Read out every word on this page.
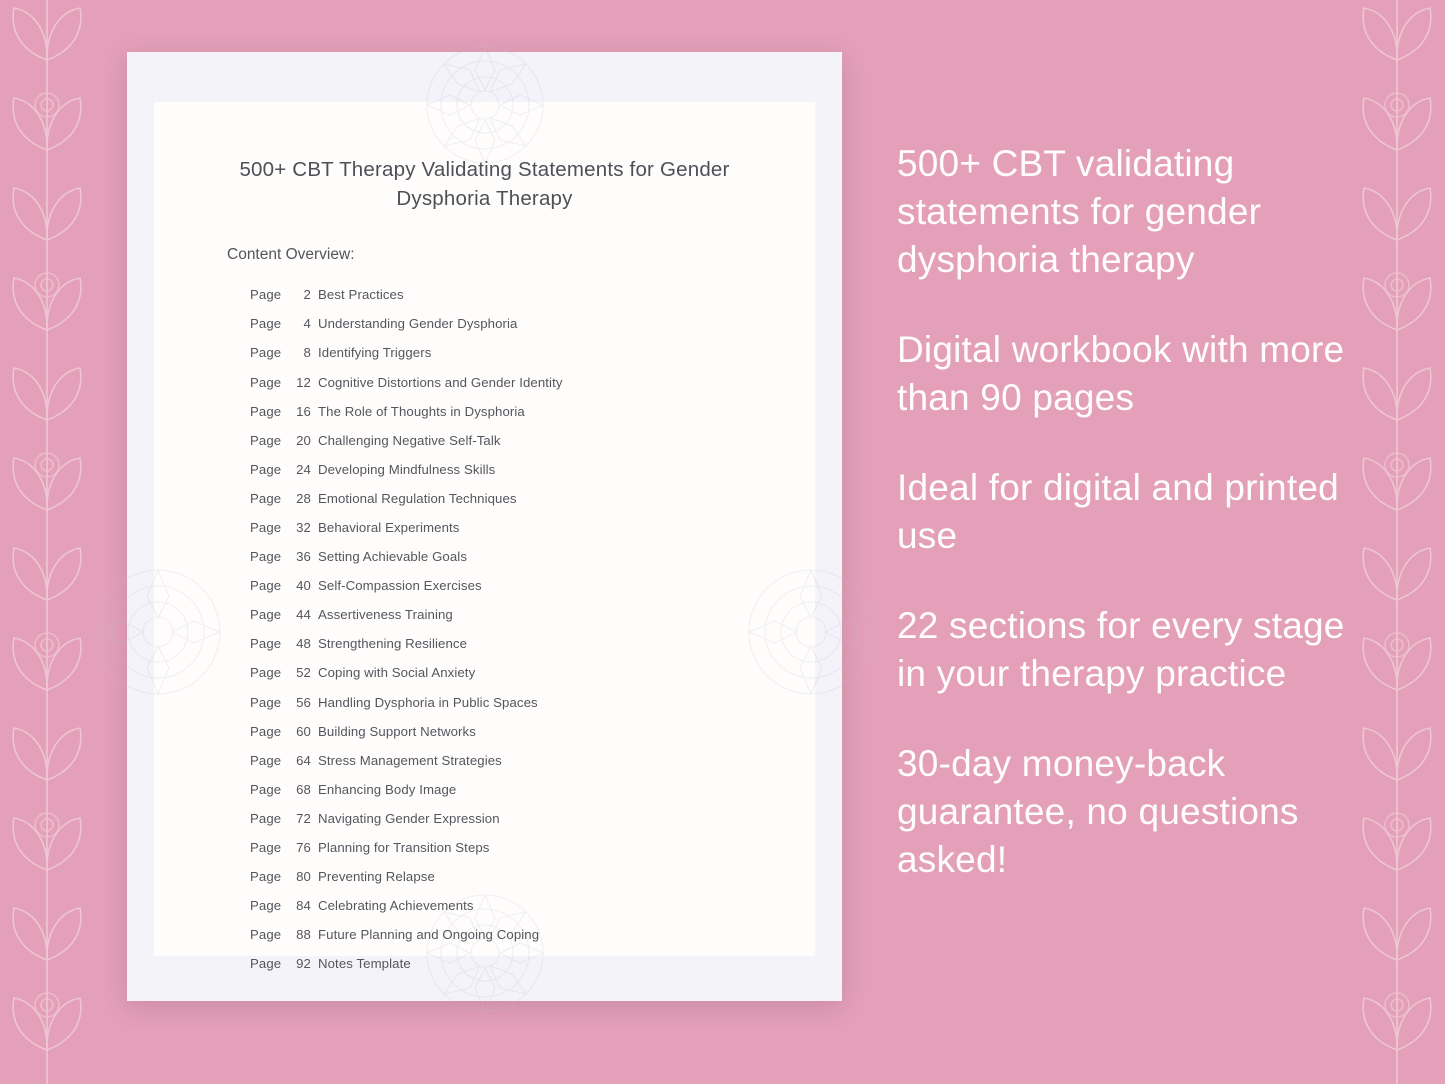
500+ CBT Therapy Validating Statements for Gender Dysphoria Therapy
Content Overview:
Page 2 Best Practices
Page 4 Understanding Gender Dysphoria
Page 8 Identifying Triggers
Page 12 Cognitive Distortions and Gender Identity
Page 16 The Role of Thoughts in Dysphoria
Page 20 Challenging Negative Self-Talk
Page 24 Developing Mindfulness Skills
Page 28 Emotional Regulation Techniques
Page 32 Behavioral Experiments
Page 36 Setting Achievable Goals
Page 40 Self-Compassion Exercises
Page 44 Assertiveness Training
Page 48 Strengthening Resilience
Page 52 Coping with Social Anxiety
Page 56 Handling Dysphoria in Public Spaces
Page 60 Building Support Networks
Page 64 Stress Management Strategies
Page 68 Enhancing Body Image
Page 72 Navigating Gender Expression
Page 76 Planning for Transition Steps
Page 80 Preventing Relapse
Page 84 Celebrating Achievements
Page 88 Future Planning and Ongoing Coping
Page 92 Notes Template
500+ CBT validating statements for gender dysphoria therapy
Digital workbook with more than 90 pages
Ideal for digital and printed use
22 sections for every stage in your therapy practice
30-day money-back guarantee, no questions asked!
